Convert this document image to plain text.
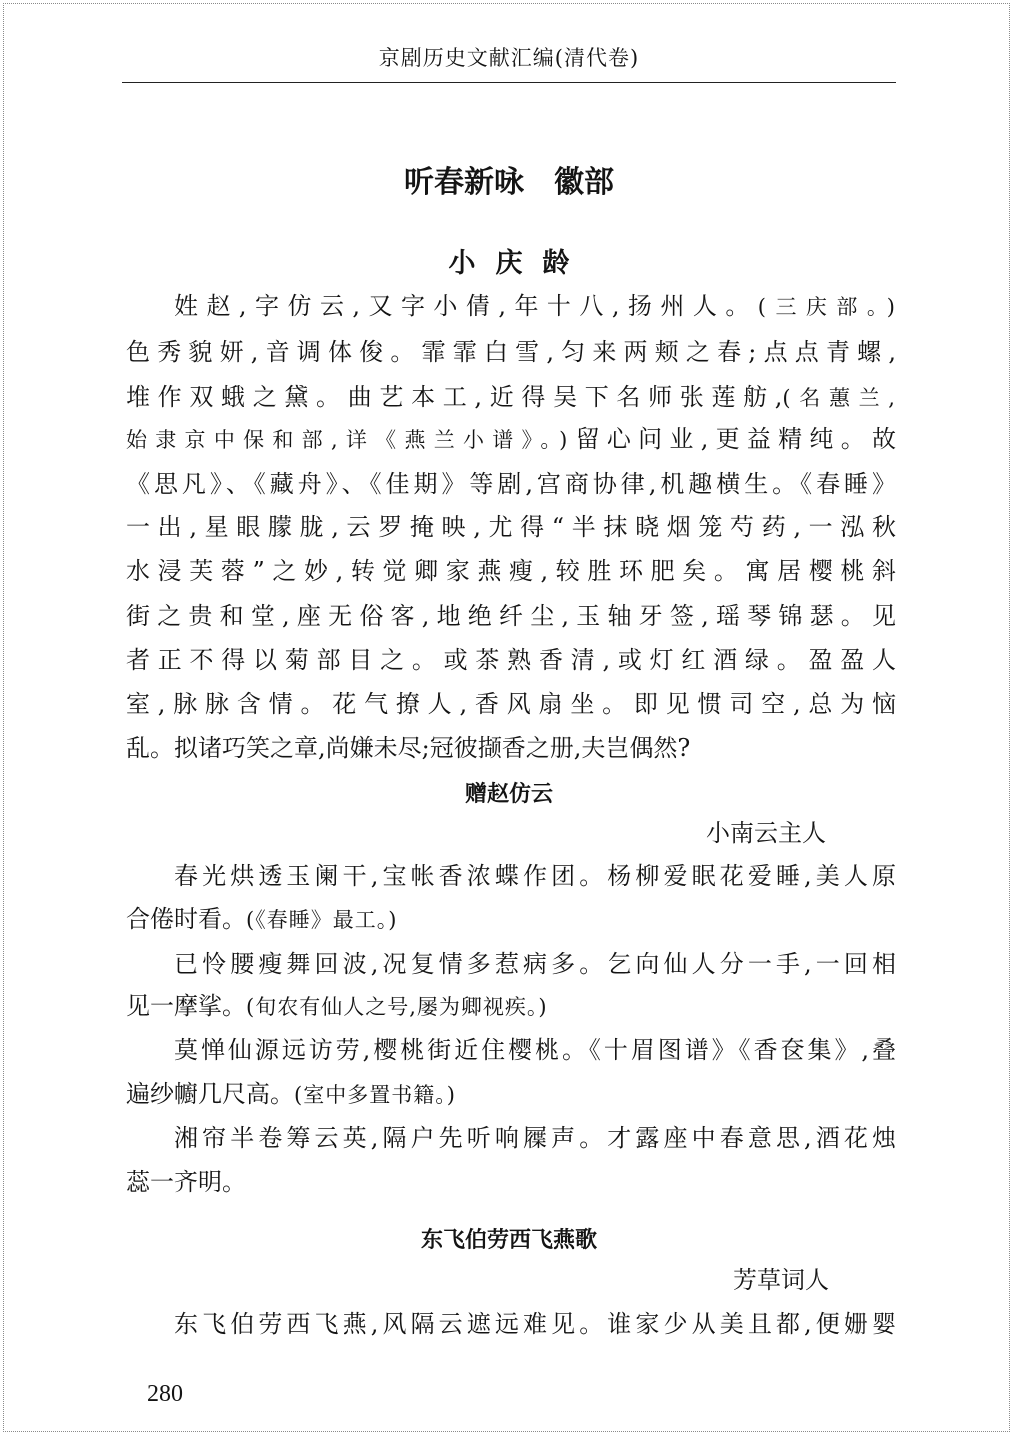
京剧历史文献汇编(清代卷)
听春新咏　徽部
小庆龄
姓赵,字仿云,又字小倩,年十八,扬州人。(三庆部。)
色秀貌妍,音调体俊。霏霏白雪,匀来两颊之春;点点青螺,
堆作双蛾之黛。曲艺本工,近得吴下名师张莲舫,(名蕙兰,
始隶京中保和部,详《燕兰小谱》。)留心问业,更益精纯。故
《思凡》、《藏舟》、《佳期》等剧,宫商协律,机趣横生。《春睡》
一出,星眼朦胧,云罗掩映,尤得“半抹晓烟笼芍药,一泓秋
水浸芙蓉”之妙,转觉卿家燕瘦,较胜环肥矣。寓居樱桃斜
街之贵和堂,座无俗客,地绝纤尘,玉轴牙签,瑶琴锦瑟。见
者正不得以菊部目之。或茶熟香清,或灯红酒绿。盈盈人
室,脉脉含情。花气撩人,香风扇坐。即见惯司空,总为恼
乱。拟诸巧笑之章,尚嫌未尽;冠彼撷香之册,夫岂偶然?
赠赵仿云
小南云主人
春光烘透玉阑干,宝帐香浓蝶作团。杨柳爱眠花爱睡,美人原
合倦时看。(《春睡》最工。)
已怜腰瘦舞回波,况复情多惹病多。乞向仙人分一手,一回相
见一摩挲。(旬农有仙人之号,屡为卿视疾。)
莫惮仙源远访劳,樱桃街近住樱桃。《十眉图谱》《香奁集》,叠
遍纱幮几尺高。(室中多置书籍。)
湘帘半卷筹云英,隔户先听响屧声。才露座中春意思,酒花烛
蕊一齐明。
东飞伯劳西飞燕歌
芳草词人
东飞伯劳西飞燕,风隔云遮远难见。谁家少从美且都,便姗婴
280
